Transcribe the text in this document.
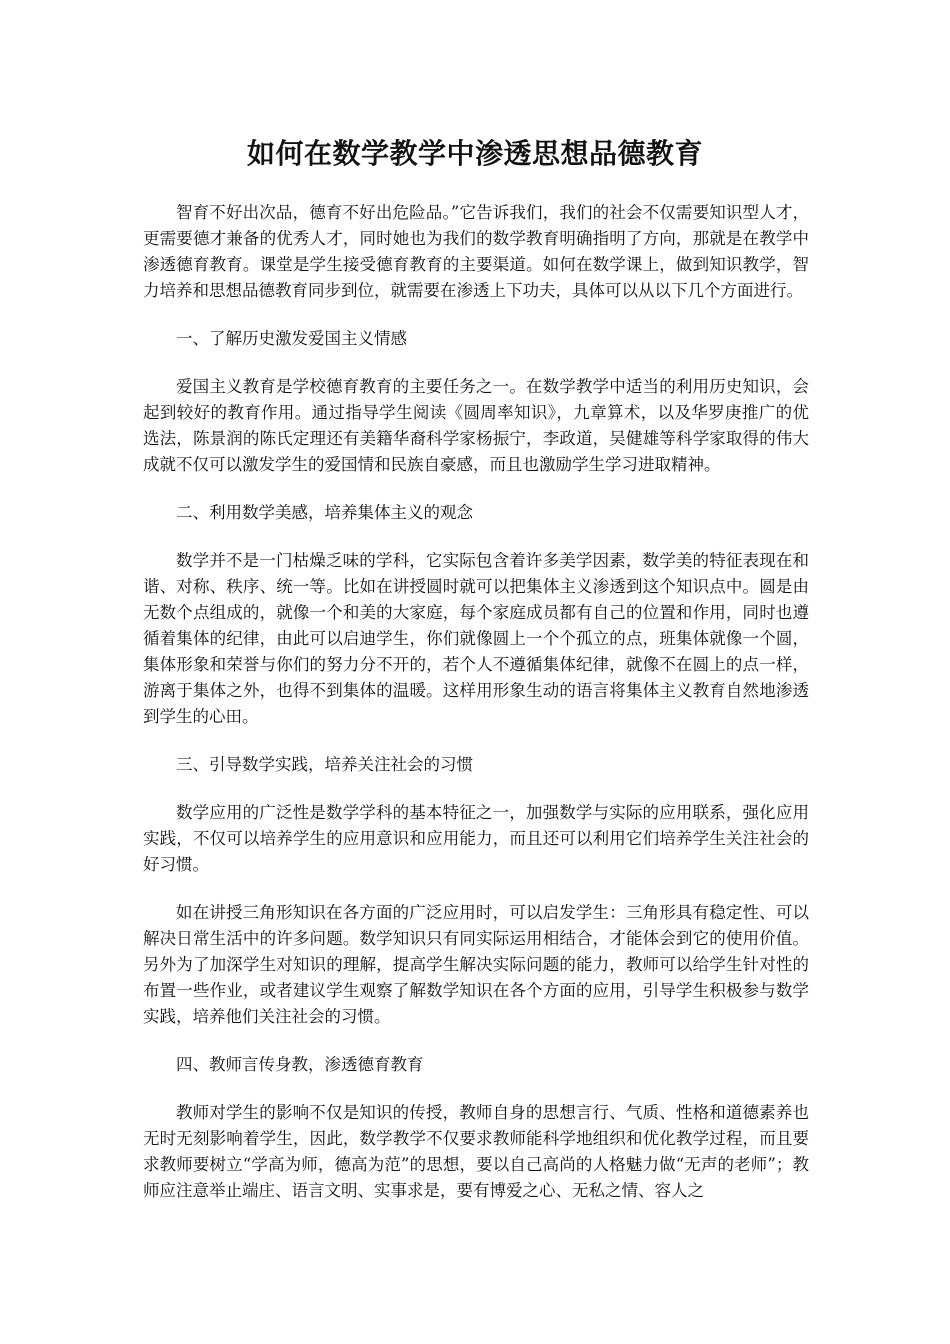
如何在数学教学中渗透思想品德教育

智育不好出次品，德育不好出危险品。”它告诉我们，我们的社会不仅需要知识型人才，更需要德才兼备的优秀人才，同时她也为我们的数学教育明确指明了方向，那就是在教学中渗透德育教育。课堂是学生接受德育教育的主要渠道。如何在数学课上，做到知识教学，智力培养和思想品德教育同步到位，就需要在渗透上下功夫，具体可以从以下几个方面进行。

一、了解历史激发爱国主义情感

爱国主义教育是学校德育教育的主要任务之一。在数学教学中适当的利用历史知识，会起到较好的教育作用。通过指导学生阅读《圆周率知识》，九章算术，以及华罗庚推广的优选法，陈景润的陈氏定理还有美籍华裔科学家杨振宁，李政道，吴健雄等科学家取得的伟大成就不仅可以激发学生的爱国情和民族自豪感，而且也激励学生学习进取精神。

二、利用数学美感，培养集体主义的观念

数学并不是一门枯燥乏味的学科，它实际包含着许多美学因素，数学美的特征表现在和谐、对称、秩序、统一等。比如在讲授圆时就可以把集体主义渗透到这个知识点中。圆是由无数个点组成的，就像一个和美的大家庭，每个家庭成员都有自己的位置和作用，同时也遵循着集体的纪律，由此可以启迪学生，你们就像圆上一个个孤立的点，班集体就像一个圆，集体形象和荣誉与你们的努力分不开的，若个人不遵循集体纪律，就像不在圆上的点一样，游离于集体之外，也得不到集体的温暖。这样用形象生动的语言将集体主义教育自然地渗透到学生的心田。

三、引导数学实践，培养关注社会的习惯

数学应用的广泛性是数学学科的基本特征之一，加强数学与实际的应用联系，强化应用实践，不仅可以培养学生的应用意识和应用能力，而且还可以利用它们培养学生关注社会的好习惯。

如在讲授三角形知识在各方面的广泛应用时，可以启发学生：三角形具有稳定性、可以解决日常生活中的许多问题。数学知识只有同实际运用相结合，才能体会到它的使用价值。另外为了加深学生对知识的理解，提高学生解决实际问题的能力，教师可以给学生针对性的布置一些作业，或者建议学生观察了解数学知识在各个方面的应用，引导学生积极参与数学实践，培养他们关注社会的习惯。

四、教师言传身教，渗透德育教育

教师对学生的影响不仅是知识的传授，教师自身的思想言行、气质、性格和道德素养也无时无刻影响着学生，因此，数学教学不仅要求教师能科学地组织和优化教学过程，而且要求教师要树立“学高为师，德高为范”的思想，要以自己高尚的人格魅力做“无声的老师”；教师应注意举止端庄、语言文明、实事求是，要有博爱之心、无私之情、容人之
